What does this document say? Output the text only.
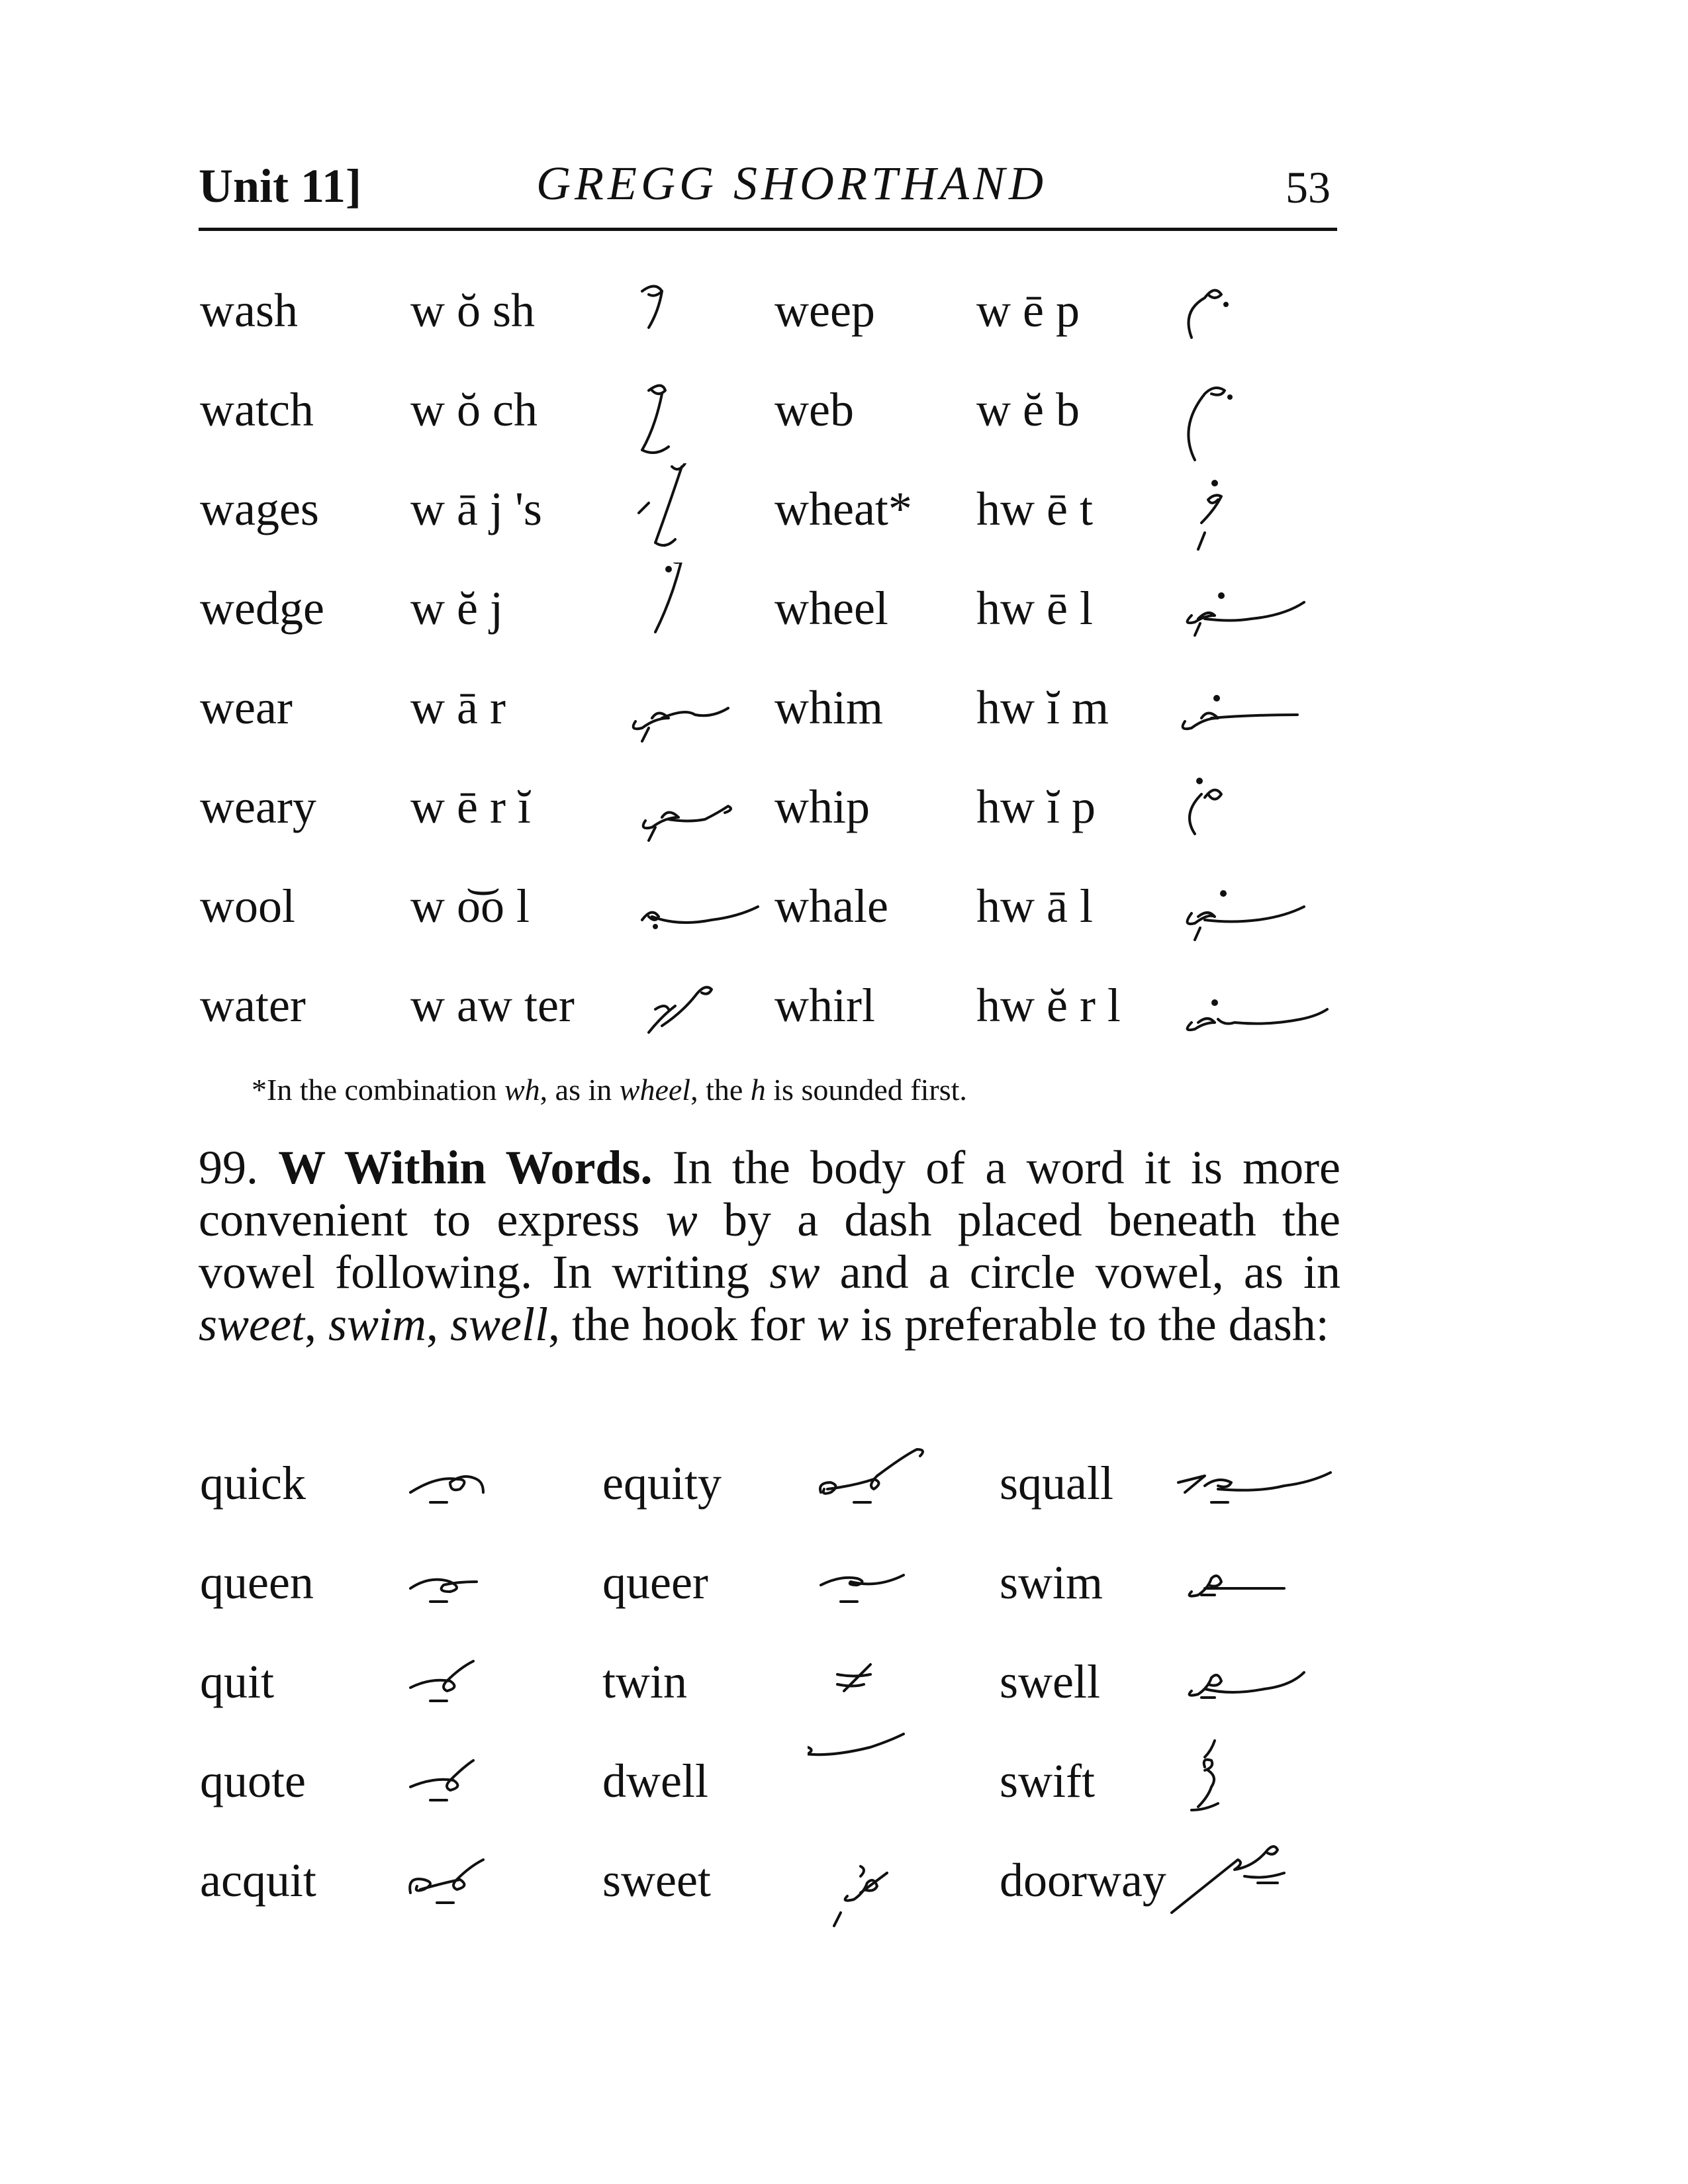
Unit 11]	GREGG SHORTHAND	53
wash w ŏ sh	weep w ē p
watch w ŏ ch	web	w ĕ b
wages w ā j 's	wheat* hw ē t
wedge w ĕ j	wheel hw ē l
wear w ā r	whim hw ĭ m
weary w ē r ĭ	whip hw ĭ p
wool w o͝o l	whale hw ā l
water w aw ter	whirl hw ĕ r l
*In the combination wh, as in wheel, the h is sounded first.
99. W Within Words. In the body of a word it is more convenient to express w by a dash placed beneath the vowel following. In writing sw and a circle vowel, as in sweet, swim, swell, the hook for w is preferable to the dash:
quick	equity	squall
queen	queer	swim
quit	twin	swell
quote	dwell	swift
acquit	sweet	doorway
